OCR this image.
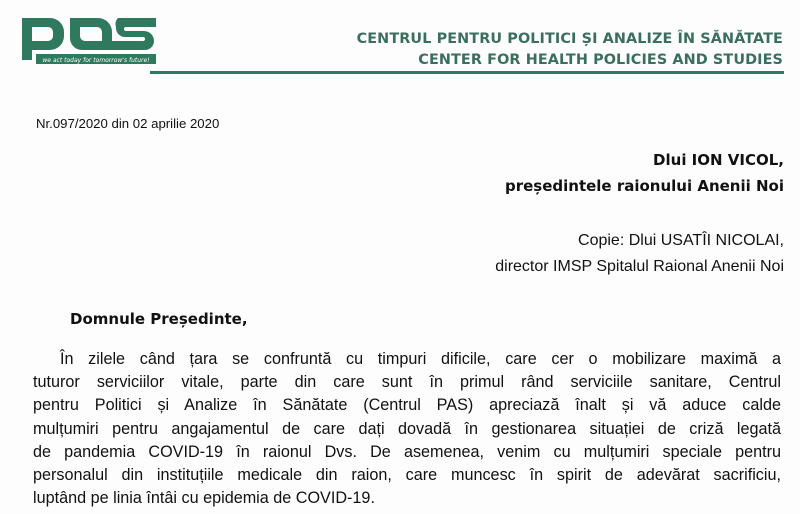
we act today for tomorrow's future!
CENTRUL PENTRU POLITICI ȘI ANALIZE ÎN SĂNĂTATE
CENTER FOR HEALTH POLICIES AND STUDIES
Nr.097/2020 din 02 aprilie 2020
Dlui ION VICOL,
președintele raionului Anenii Noi
Copie: Dlui USATÎI NICOLAI,
director IMSP Spitalul Raional Anenii Noi
Domnule Președinte,
În zilele când țara se confruntă cu timpuri dificile, care cer o mobilizare maximă a
tuturor serviciilor vitale, parte din care sunt în primul rând serviciile sanitare, Centrul
pentru Politici și Analize în Sănătate (Centrul PAS) apreciază înalt și vă aduce calde
mulțumiri pentru angajamentul de care dați dovadă în gestionarea situației de criză legată
de pandemia COVID-19 în raionul Dvs. De asemenea, venim cu mulțumiri speciale pentru
personalul din instituțiile medicale din raion, care muncesc în spirit de adevărat sacrificiu,
luptând pe linia întâi cu epidemia de COVID-19.
